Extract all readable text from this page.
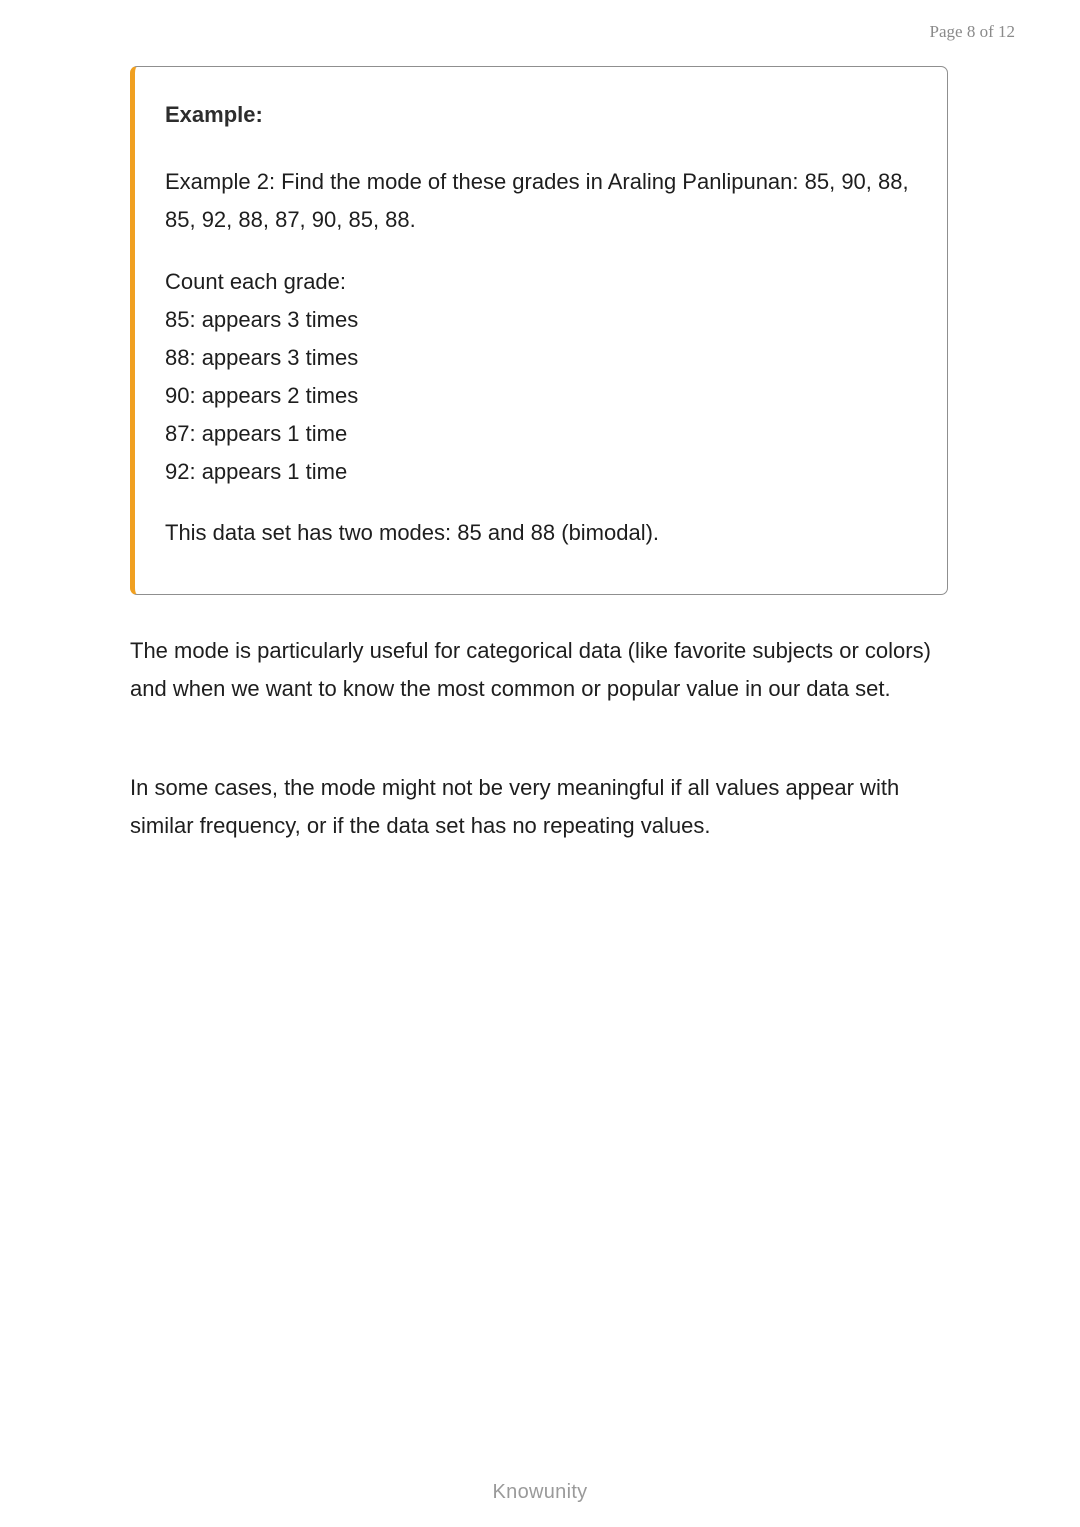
Page 8 of 12

Example:

Example 2: Find the mode of these grades in Araling Panlipunan: 85, 90, 88, 85, 92, 88, 87, 90, 85, 88.

Count each grade:

85: appears 3 times
88: appears 3 times
90: appears 2 times
87: appears 1 time
92: appears 1 time

This data set has two modes: 85 and 88 (bimodal).

The mode is particularly useful for categorical data (like favorite subjects or colors) and when we want to know the most common or popular value in our data set.

In some cases, the mode might not be very meaningful if all values appear with similar frequency, or if the data set has no repeating values.

Knowunity
